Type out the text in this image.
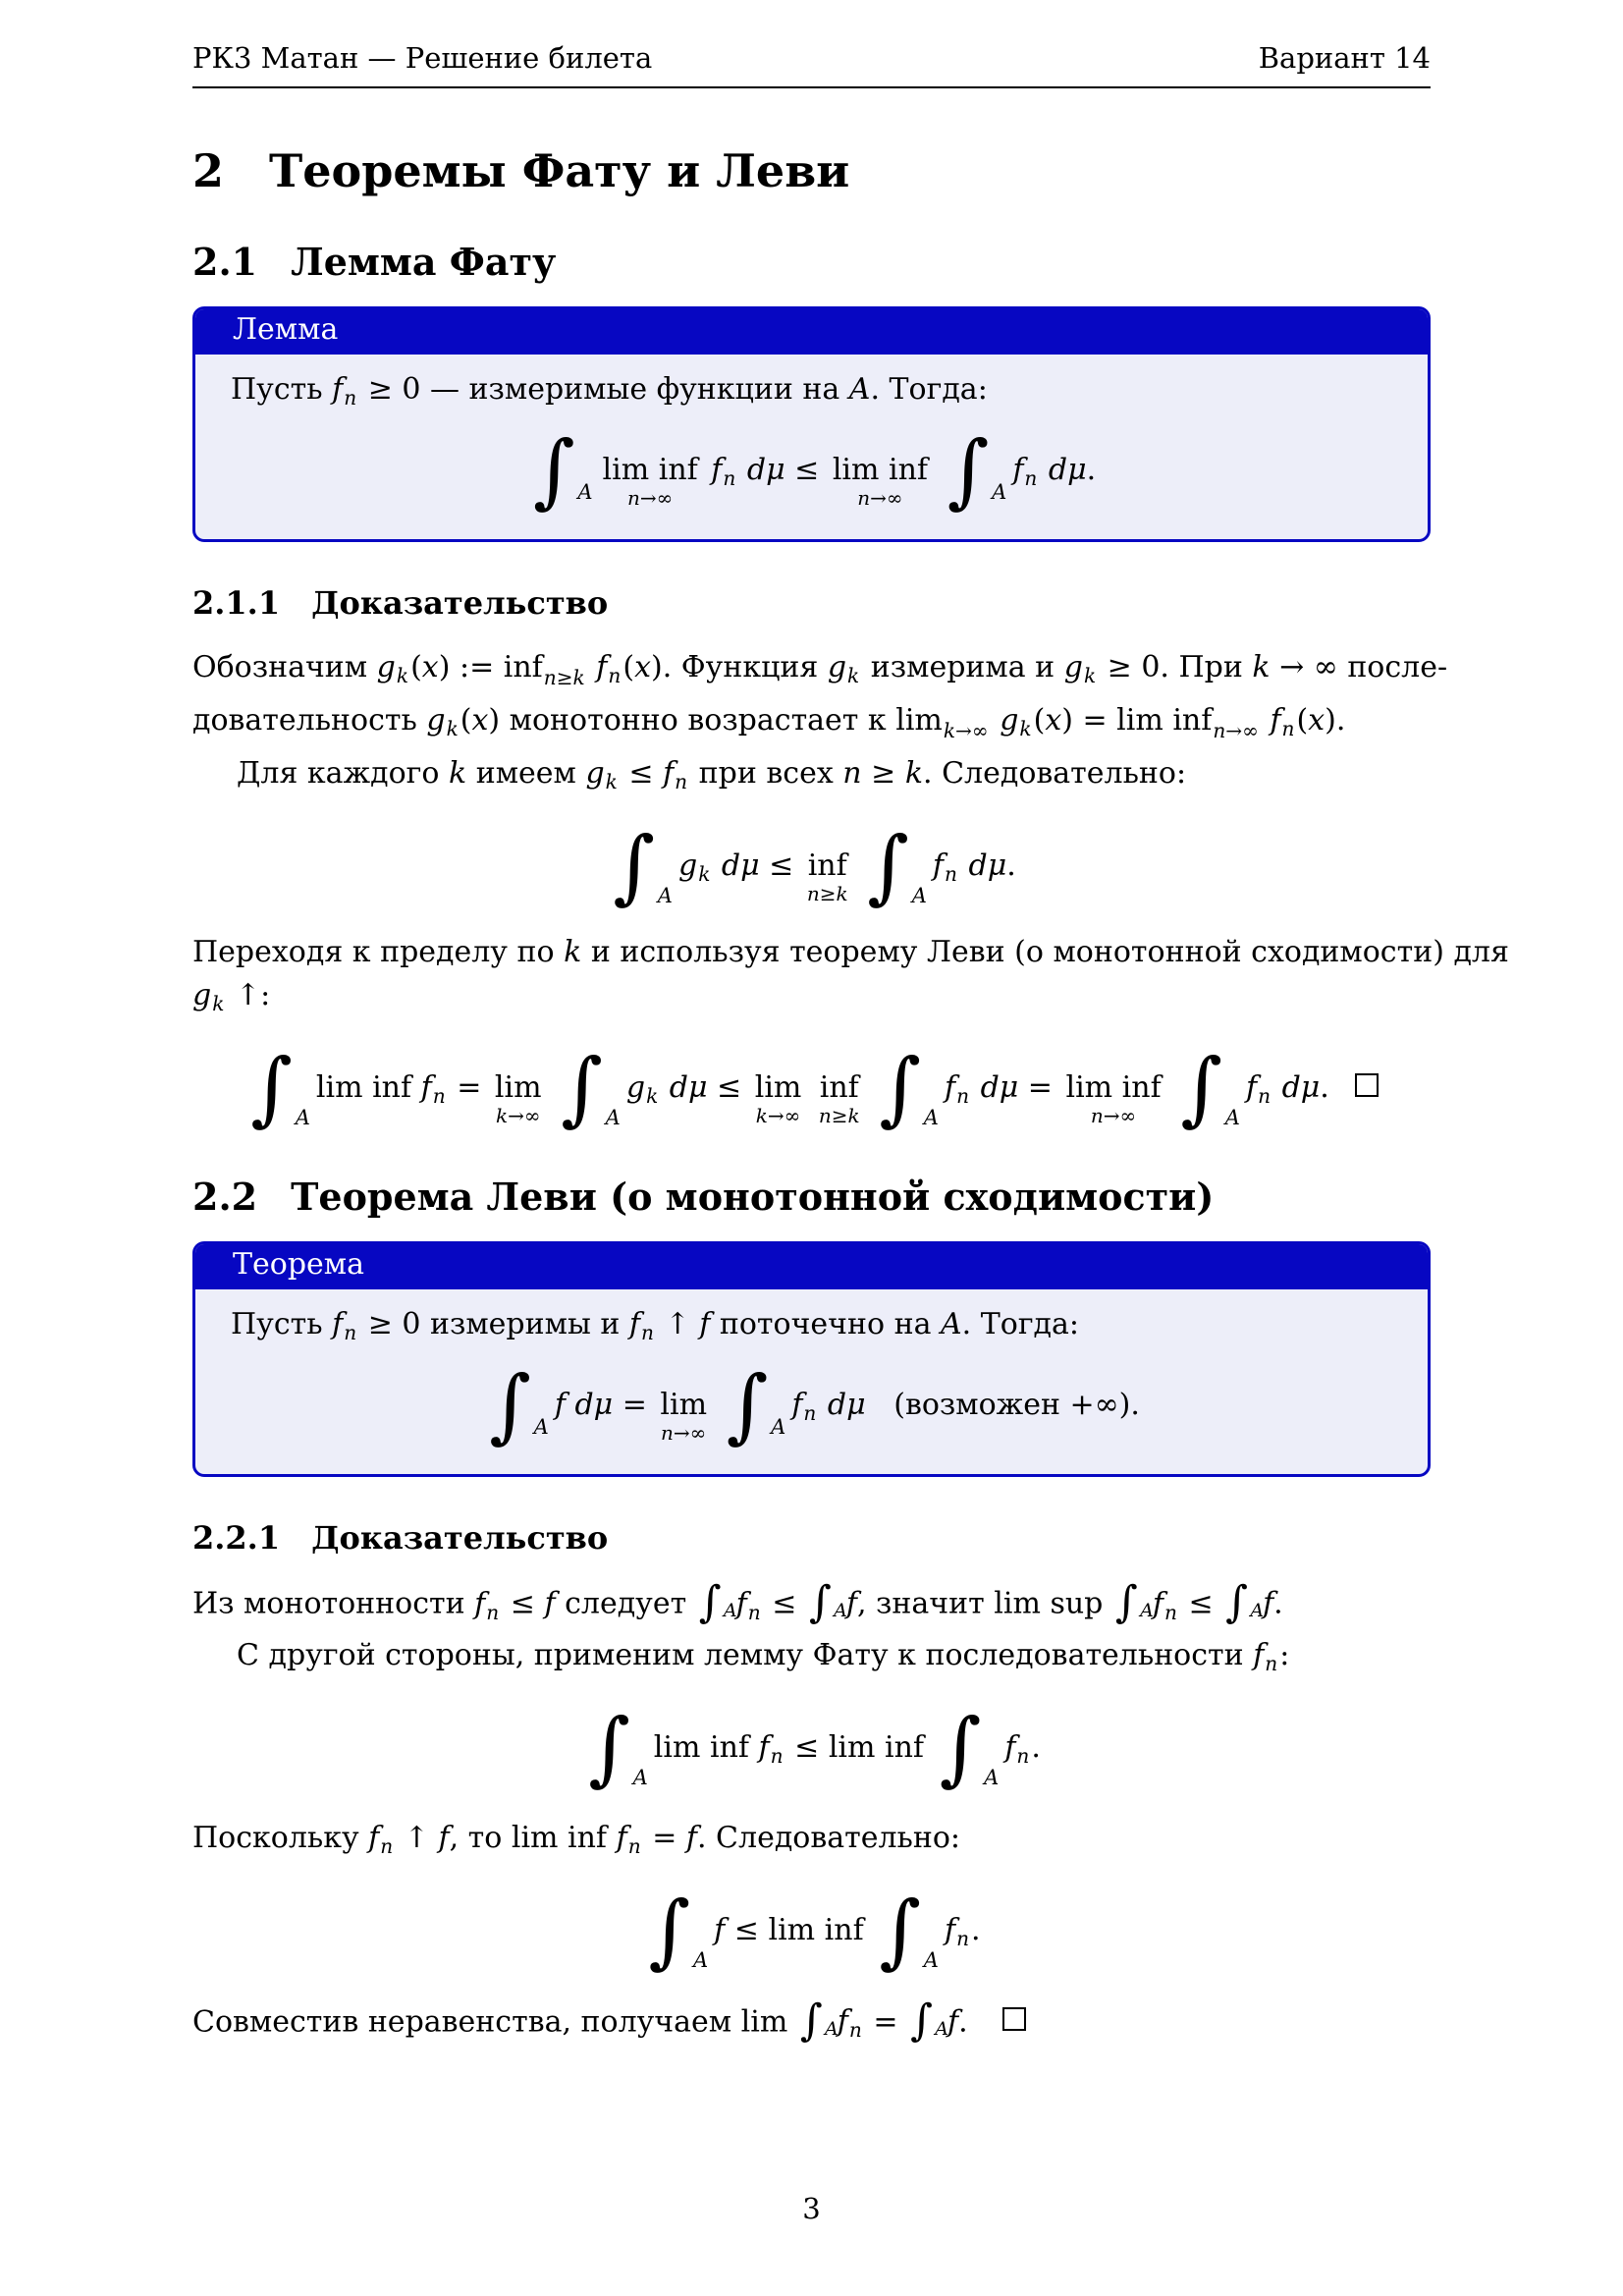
РК3 Матан — Решение билета	Вариант 14
2 Теоремы Фату и Леви
2.1 Лемма Фату
Лемма
Пусть $f_n \ge 0$ — измеримые функции на A. Тогда:
∫ A
lim inf
n→∞
$f_n$ dμ ≤ lim inf
n→∞ ∫ A
$f_n$ dμ.
2.1.1 Доказательство
Обозначим $g_k(x)$ := inf$_{n\ge k}$ $f_n(x)$. Функция $g_k$ измерима и $g_k \ge 0$. При k → ∞ после-
довательность $g_k(x)$ монотонно возрастает к $\lim_{k\to\infty} g_k(x) = \lim inf_{n\to\infty}$ $f_n(x)$.
Для каждого k имеем $g_k \le f_n$ при всех n ≥ k. Следовательно:
∫ A
$g_k$ dμ ≤ inf
n≥k ∫ A
$f_n$ dμ.
Переходя к пределу по k и используя теорему Леви (о монотонной сходимости) для
$g_k$ ↑:
∫ A
lim inf $f_n = \lim$
k→∞ ∫ A
$g_k$ dμ ≤ lim
k→∞

inf
n≥k ∫ A
$f_n$ dμ = lim inf
n→∞ ∫ A
$f_n$ dμ.
2.2 Теорема Леви (о монотонной сходимости)
Теорема
Пусть $f_n \ge 0$ измеримы и $f_n$ ↑ f поточечно на A. Тогда:
∫ A
f dμ = lim
n→∞ ∫ A
$f_n$ dμ   (возможен +∞).
2.2.1 Доказательство
Из монотонности $f_n \le f$ следует ∫ A $f_n$ ≤ ∫ A f, значит lim sup ∫ A $f_n$ ≤ ∫ A f.
С другой стороны, применим лемму Фату к последовательности $f_n$:
∫ A
lim inf $f_n \le \lim$ inf ∫ A
$f_n$.
Поскольку $f_n$ ↑ f, то lim inf $f_n = f$. Следовательно:
∫ A
f ≤ lim inf ∫ A
$f_n$.
Совместив неравенства, получаем lim ∫ A $f_n$ = ∫ A f.
3
